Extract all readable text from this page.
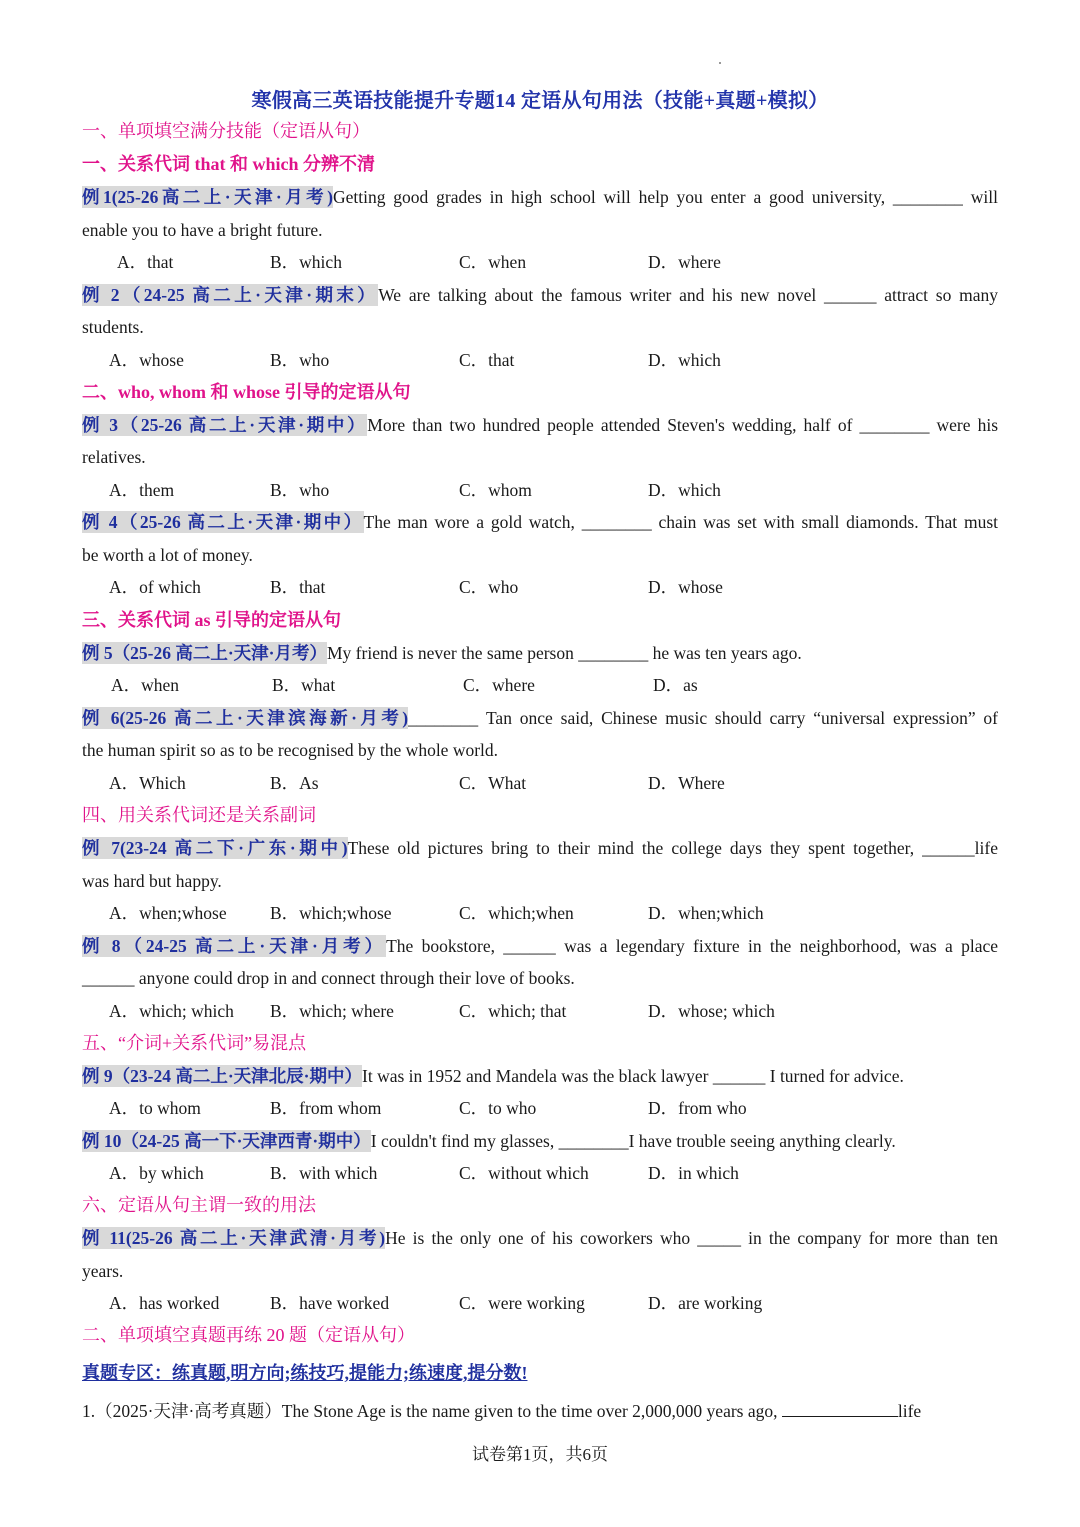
寒假高三英语技能提升专题14 定语从句用法（技能+真题+模拟）
一、单项填空满分技能（定语从句）
一、关系代词 that 和 which 分辨不清
例1(25-26高二上·天津·月考)Getting good grades in high school will help you enter a good university, ________ will
enable you to have a bright future.
A．that	B．which	C．when	D．where
例 2（24-25 高二上·天津·期末）We are talking about the famous writer and his new novel ______ attract so many
students.
A．whose	B．who	C．that	D．which
二、who, whom 和 whose 引导的定语从句
例 3（25-26 高二上·天津·期中）More than two hundred people attended Steven's wedding, half of ________ were his
relatives.
A．them	B．who	C．whom	D．which
例 4（25-26 高二上·天津·期中）The man wore a gold watch, ________ chain was set with small diamonds. That must
be worth a lot of money.
A．of which	B．that	C．who	D．whose
三、关系代词 as 引导的定语从句
例 5（25-26 高二上·天津·月考）My friend is never the same person ________ he was ten years ago.
A．when	B．what	C．where	D．as
例 6(25-26 高二上·天津滨海新·月考)________ Tan once said, Chinese music should carry “universal expression” of
the human spirit so as to be recognised by the whole world.
A．Which	B．As	C．What	D．Where
四、用关系代词还是关系副词
例 7(23-24 高二下·广东·期中)These old pictures bring to their mind the college days they spent together, ______life
was hard but happy.
A．when;whose B．which;whose	C．which;when	D．when;which
例 8（24-25 高二上·天津·月考）The bookstore, ______ was a legendary fixture in the neighborhood, was a place
______ anyone could drop in and connect through their love of books.
A．which; which B．which; where	C．which; that	D．whose; which
五、“介词+关系代词”易混点
例 9（23-24 高二上·天津北辰·期中）It was in 1952 and Mandela was the black lawyer ______ I turned for advice.
A．to whom	B．from whom	C．to who	D．from who
例 10（24-25 高一下·天津西青·期中）I couldn't find my glasses, ________I have trouble seeing anything clearly.
A．by which	B．with which	C．without which	D．in which
六、定语从句主谓一致的用法
例 11(25-26 高二上·天津武清·月考)He is the only one of his coworkers who _____ in the company for more than ten
years.
A．has worked	B．have worked	C．were working	D．are working
二、单项填空真题再练 20 题（定语从句）
真题专区：练真题,明方向;练技巧,提能力;练速度,提分数!
1.（2025·天津·高考真题）The Stone Age is the name given to the time over 2,000,000 years ago,	life
试卷第1页，共6页
